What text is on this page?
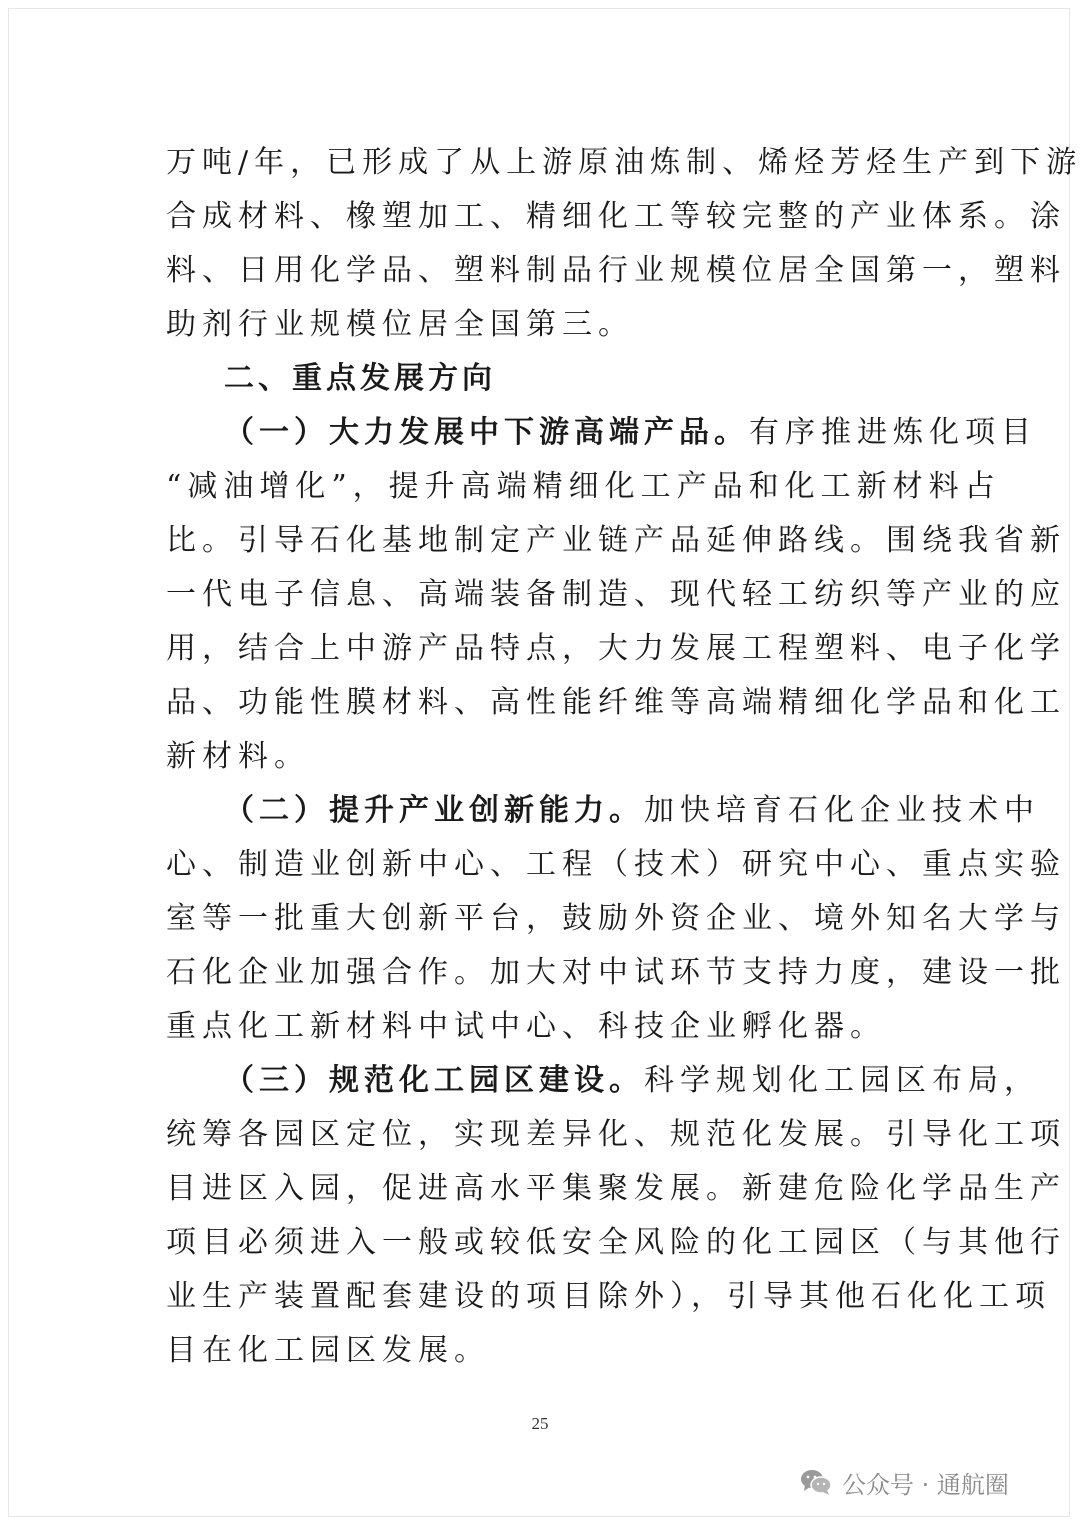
万吨/年，已形成了从上游原油炼制、烯烃芳烃生产到下游
合成材料、橡塑加工、精细化工等较完整的产业体系。涂
料、日用化学品、塑料制品行业规模位居全国第一，塑料
助剂行业规模位居全国第三。
二、重点发展方向
（一）大力发展中下游高端产品。有序推进炼化项目
“减油增化”，提升高端精细化工产品和化工新材料占
比。引导石化基地制定产业链产品延伸路线。围绕我省新
一代电子信息、高端装备制造、现代轻工纺织等产业的应
用，结合上中游产品特点，大力发展工程塑料、电子化学
品、功能性膜材料、高性能纤维等高端精细化学品和化工
新材料。
（二）提升产业创新能力。加快培育石化企业技术中
心、制造业创新中心、工程（技术）研究中心、重点实验
室等一批重大创新平台，鼓励外资企业、境外知名大学与
石化企业加强合作。加大对中试环节支持力度，建设一批
重点化工新材料中试中心、科技企业孵化器。
（三）规范化工园区建设。科学规划化工园区布局，
统筹各园区定位，实现差异化、规范化发展。引导化工项
目进区入园，促进高水平集聚发展。新建危险化学品生产
项目必须进入一般或较低安全风险的化工园区（与其他行
业生产装置配套建设的项目除外），引导其他石化化工项
目在化工园区发展。
25
公众号 · 通航圈
